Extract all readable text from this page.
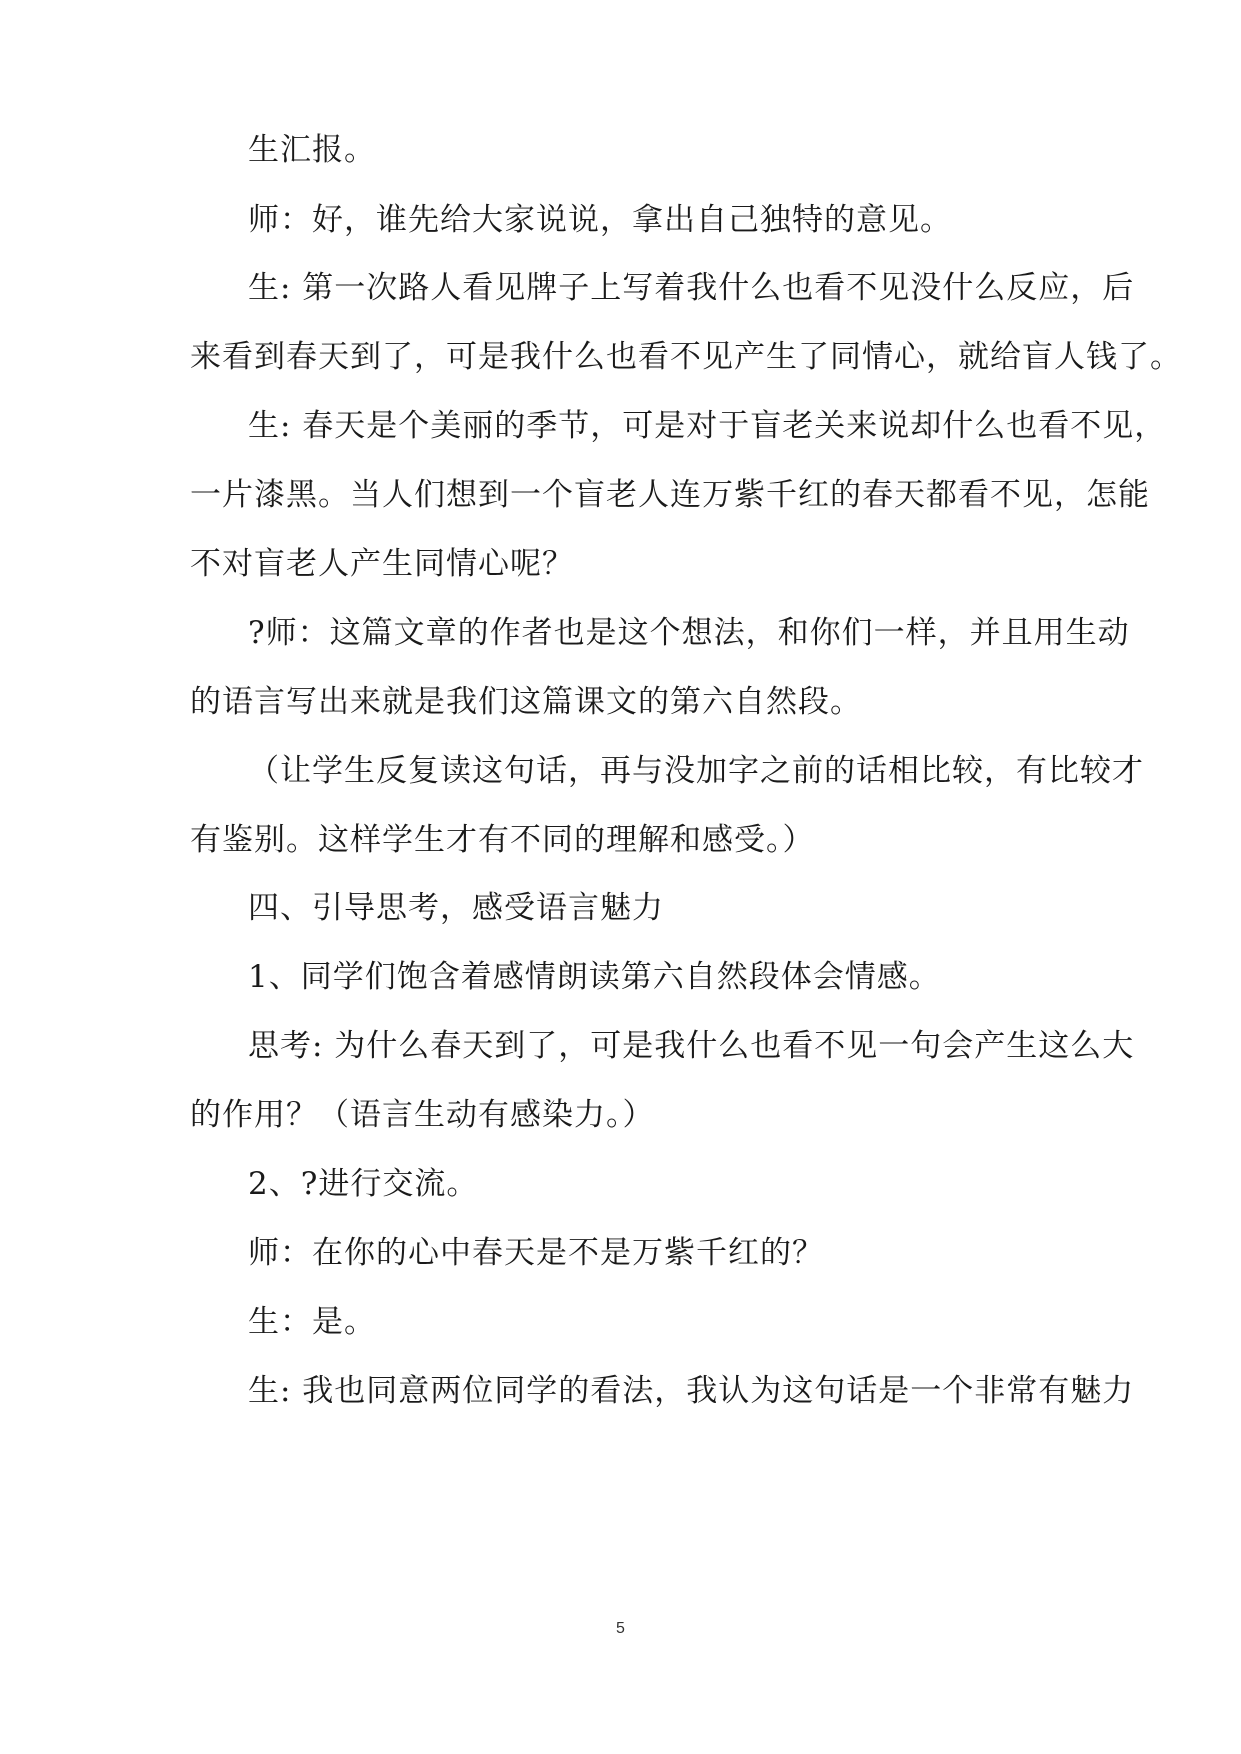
生汇报。
师：好，谁先给大家说说，拿出自己独特的意见。
生: 第一次路人看见牌子上写着我什么也看不见没什么反应，后
来看到春天到了，可是我什么也看不见产生了同情心，就给盲人钱了。
生: 春天是个美丽的季节，可是对于盲老关来说却什么也看不见，
一片漆黑。当人们想到一个盲老人连万紫千红的春天都看不见，怎能
不对盲老人产生同情心呢？
?师：这篇文章的作者也是这个想法，和你们一样，并且用生动
的语言写出来就是我们这篇课文的第六自然段。
（让学生反复读这句话，再与没加字之前的话相比较，有比较才
有鉴别。这样学生才有不同的理解和感受。）
四、引导思考，感受语言魅力
1、同学们饱含着感情朗读第六自然段体会情感。
思考: 为什么春天到了，可是我什么也看不见一句会产生这么大
的作用？（语言生动有感染力。）
2、?进行交流。
师：在你的心中春天是不是万紫千红的？
生：是。
生: 我也同意两位同学的看法，我认为这句话是一个非常有魅力
5
